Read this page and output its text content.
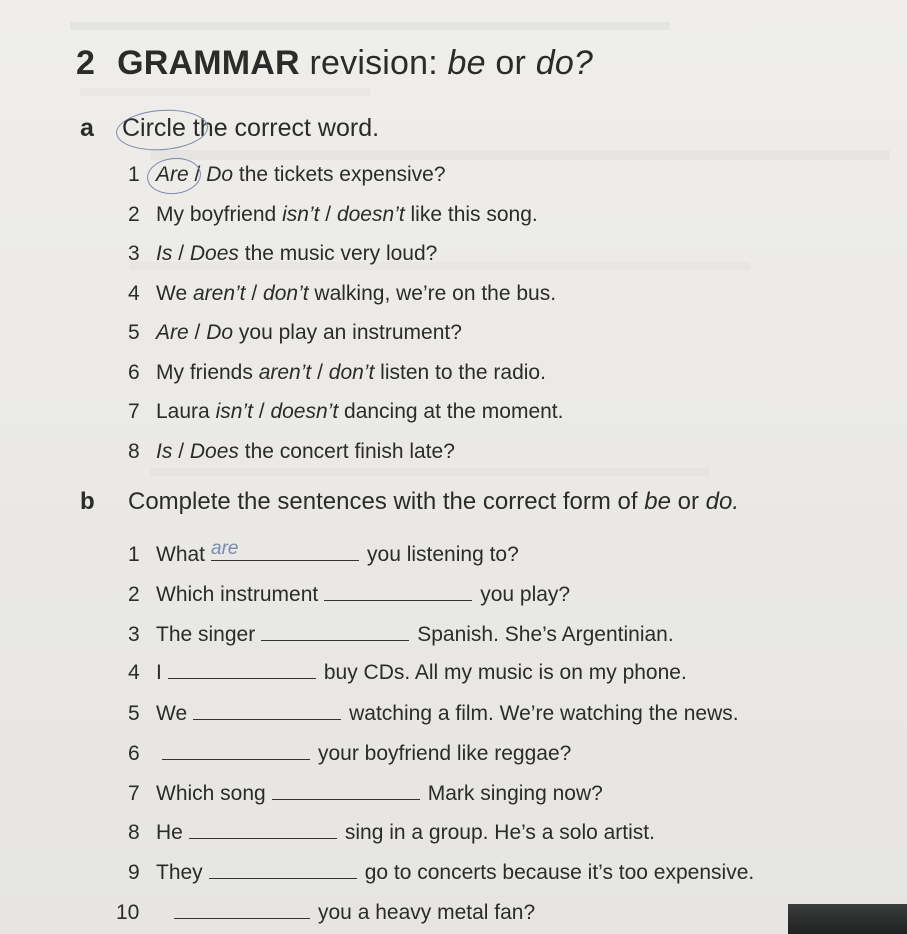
2 GRAMMAR revision: be or do?
a Circle the correct word.
1 Are / Do the tickets expensive?
2 My boyfriend isn’t / doesn’t like this song.
3 Is / Does the music very loud?
4 We aren’t / don’t walking, we’re on the bus.
5 Are / Do you play an instrument?
6 My friends aren’t / don’t listen to the radio.
7 Laura isn’t / doesn’t dancing at the moment.
8 Is / Does the concert finish late?
b Complete the sentences with the correct form of be or do.
1 What are	you listening to?
2 Which instrument	you play?
3 The singer	Spanish. She’s Argentinian.
4 I	buy CDs. All my music is on my phone.
5 We	watching a film. We’re watching the news.
6	your boyfriend like reggae?
7 Which song	Mark singing now?
8 He	sing in a group. He’s a solo artist.
9 They	go to concerts because it’s too expensive.
10	you a heavy metal fan?
